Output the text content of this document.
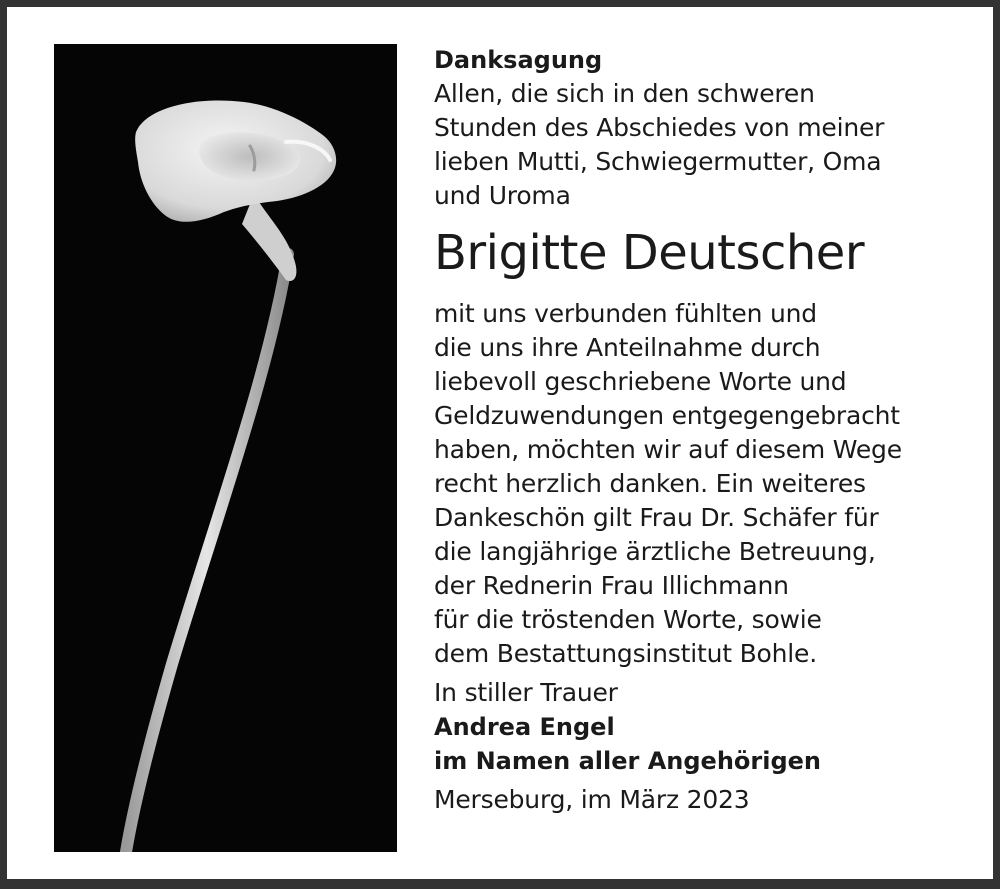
Danksagung
Allen, die sich in den schweren
Stunden des Abschiedes von meiner
lieben Mutti, Schwiegermutter, Oma
und Uroma
Brigitte Deutscher
mit uns verbunden fühlten und
die uns ihre Anteilnahme durch
liebevoll geschriebene Worte und
Geldzuwendungen entgegengebracht
haben, möchten wir auf diesem Wege
recht herzlich danken. Ein weiteres
Dankeschön gilt Frau Dr. Schäfer für
die langjährige ärztliche Betreuung,
der Rednerin Frau Illichmann
für die tröstenden Worte, sowie
dem Bestattungsinstitut Bohle.
In stiller Trauer
Andrea Engel
im Namen aller Angehörigen
Merseburg, im März 2023
